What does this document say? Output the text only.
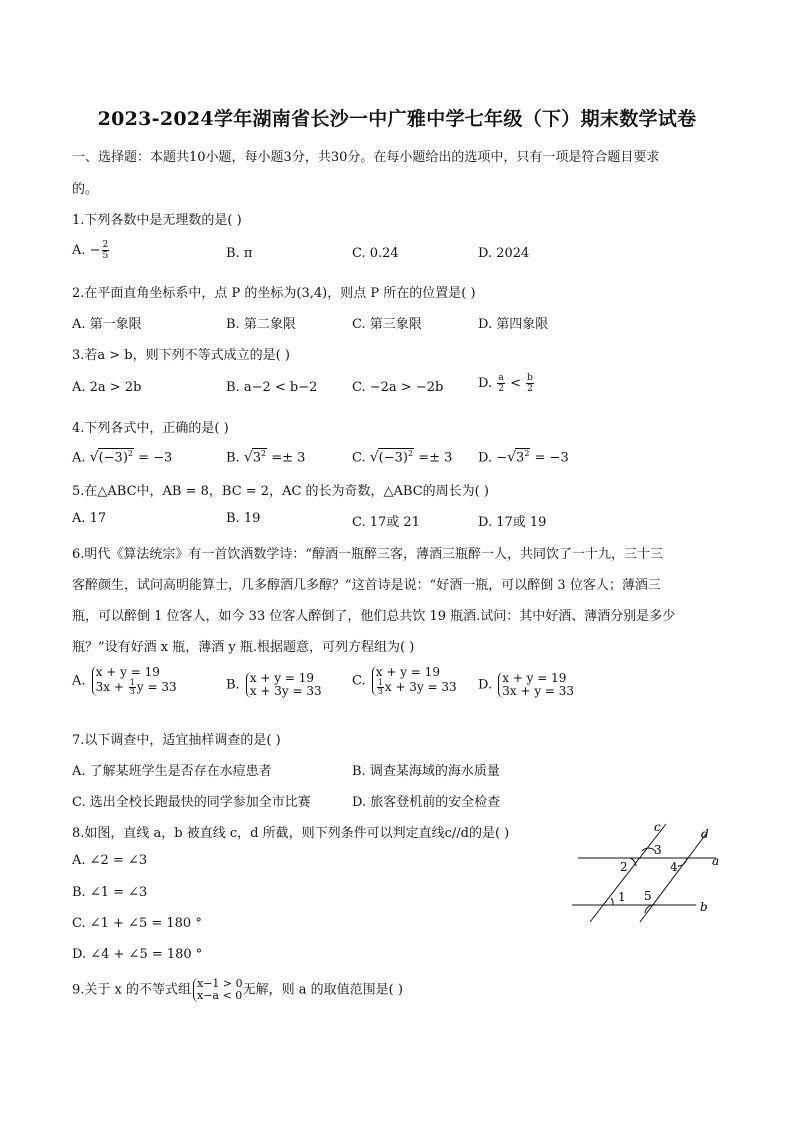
2023-2024学年湖南省长沙一中广雅中学七年级（下）期末数学试卷
一、选择题：本题共10小题，每小题3分，共30分。在每小题给出的选项中，只有一项是符合题目要求
的。
1.下列各数中是无理数的是( )
A. − $\frac{2}{5}$	B. π	C. 0.24	D. 2024
2.在平面直角坐标系中，点 P 的坐标为(3,4)，则点 P 所在的位置是( )
A. 第一象限	B. 第二象限	C. 第三象限	D. 第四象限
3.若a > b，则下列不等式成立的是( )
A. 2a > 2b	B. a−2 < b−2	C. −2a > −2b	D. $\frac{a}{2} < \frac{b}{2}$
4.下列各式中，正确的是( )
A. $√(-3)^2 = -3$	B. $√3^2 =\pm 3$	C. $√(-3)^2 =\pm 3$ D. $-√3^2 = -3$
5.在△ABC中，AB = 8，BC = 2，AC 的长为奇数，△ABC的周长为( )
A. 17	B. 19	C. 17或 21	D. 17或 19
6.明代《算法统宗》有一首饮酒数学诗：“醇酒一瓶醉三客，薄酒三瓶醉一人，共同饮了一十九，三十三
客醉颜生，试问高明能算士，几多醇酒几多醇？”这首诗是说：“好酒一瓶，可以醉倒 3 位客人；薄酒三
瓶，可以醉倒 1 位客人，如今 33 位客人醉倒了，他们总共饮 19 瓶酒.试问：其中好酒、薄酒分别是多少
瓶？”设有好酒 x 瓶，薄酒 y 瓶.根据题意，可列方程组为( )
A.
x + y = 19
$3x + \frac{1}{3}$ y = 33	B. x + y = 19
x + 3y = 33
C.
x + y = 19
$\frac{1}{3}$ x + 3y = 33 D. x + y = 19
3x + y = 33
7.以下调查中，适宜抽样调查的是( )
A. 了解某班学生是否存在水痘患者	B. 调查某海域的海水质量
C. 选出全校长跑最快的同学参加全市比赛	D. 旅客登机前的安全检查
8.如图，直线 a，b 被直线 c，d 所截，则下列条件可以判定直线c//d的是( )
A. ∠2 = ∠3
B. ∠1 = ∠3
C. ∠1 + ∠5 = 180 °
D. ∠4 + ∠5 = 180 °
c	d
a
b
1
2
3
4
5
9.关于 x 的不等式组 x−1 > 0
x−a < 0 无解，则 a 的取值范围是( )
